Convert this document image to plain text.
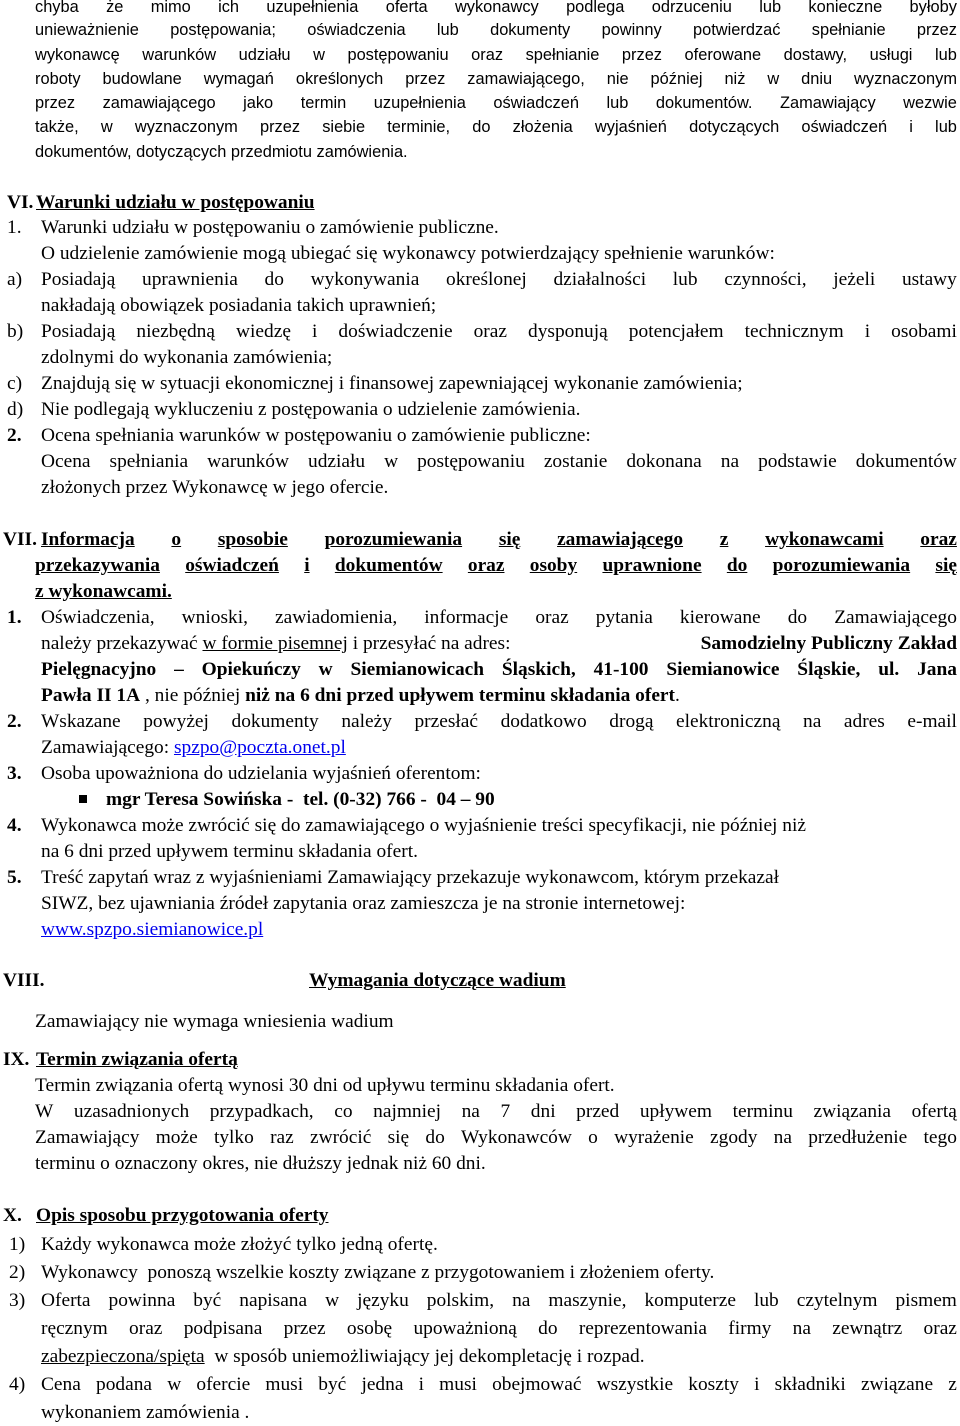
chyba że mimo ich uzupełnienia oferta wykonawcy podlega odrzuceniu lub konieczne byłoby
unieważnienie postępowania; oświadczenia lub dokumenty powinny potwierdzać spełnianie przez
wykonawcę warunków udziału w postępowaniu oraz spełnianie przez oferowane dostawy, usługi lub
roboty budowlane wymagań określonych przez zamawiającego, nie później niż w dniu wyznaczonym
przez zamawiającego jako termin uzupełnienia oświadczeń lub dokumentów. Zamawiający wezwie
także, w wyznaczonym przez siebie terminie, do złożenia wyjaśnień dotyczących oświadczeń i lub
dokumentów, dotyczących przedmiotu zamówienia.
VI. Warunki udziału w postępowaniu
1. Warunki udziału w postępowaniu o zamówienie publiczne.
O udzielenie zamówienie mogą ubiegać się wykonawcy potwierdzający spełnienie warunków:
a) Posiadają uprawnienia do wykonywania określonej działalności lub czynności, jeżeli ustawy
nakładają obowiązek posiadania takich uprawnień;
b) Posiadają niezbędną wiedzę i doświadczenie oraz dysponują potencjałem technicznym i osobami
zdolnymi do wykonania zamówienia;
c) Znajdują się w sytuacji ekonomicznej i finansowej zapewniającej wykonanie zamówienia;
d) Nie podlegają wykluczeniu z postępowania o udzielenie zamówienia.
2. Ocena spełniania warunków w postępowaniu o zamówienie publiczne:
Ocena spełniania warunków udziału w postępowaniu zostanie dokonana na podstawie dokumentów
złożonych przez Wykonawcę w jego ofercie.
VII. Informacja o sposobie porozumiewania się zamawiającego z wykonawcami oraz
przekazywania oświadczeń i dokumentów oraz osoby uprawnione do porozumiewania się
z wykonawcami.
1. Oświadczenia, wnioski, zawiadomienia, informacje oraz pytania kierowane do Zamawiającego
należy przekazywać w formie pisemnej i przesyłać na adres:	Samodzielny Publiczny Zakład
Pielęgnacyjno – Opiekuńczy w Siemianowicach Śląskich, 41-100 Siemianowice Śląskie, ul. Jana
Pawła II 1A , nie później niż na 6 dni przed upływem terminu składania ofert.
2. Wskazane powyżej dokumenty należy przesłać dodatkowo drogą elektroniczną na adres e-mail
Zamawiającego: spzpo@poczta.onet.pl
3. Osoba upoważniona do udzielania wyjaśnień oferentom:
mgr Teresa Sowińska -  tel. (0-32) 766 -  04 – 90
4. Wykonawca może zwrócić się do zamawiającego o wyjaśnienie treści specyfikacji, nie później niż
na 6 dni przed upływem terminu składania ofert.
5. Treść zapytań wraz z wyjaśnieniami Zamawiający przekazuje wykonawcom, którym przekazał
SIWZ, bez ujawniania źródeł zapytania oraz zamieszcza je na stronie internetowej:
www.spzpo.siemianowice.pl
VIII.	Wymagania dotyczące wadium
Zamawiający nie wymaga wniesienia wadium
IX. Termin związania ofertą
Termin związania ofertą wynosi 30 dni od upływu terminu składania ofert.
W uzasadnionych przypadkach, co najmniej na 7 dni przed upływem terminu związania ofertą
Zamawiający może tylko raz zwrócić się do Wykonawców o wyrażenie zgody na przedłużenie tego
terminu o oznaczony okres, nie dłuższy jednak niż 60 dni.
X. Opis sposobu przygotowania oferty
1) Każdy wykonawca może złożyć tylko jedną ofertę.
2) Wykonawcy  ponoszą wszelkie koszty związane z przygotowaniem i złożeniem oferty.
3) Oferta powinna być napisana w języku polskim, na maszynie, komputerze lub czytelnym pismem
ręcznym oraz podpisana przez osobę upoważnioną do reprezentowania firmy na zewnątrz oraz
zabezpieczona/spięta  w sposób uniemożliwiający jej dekompletację i rozpad.
4) Cena podana w ofercie musi być jedna i musi obejmować wszystkie koszty i składniki związane z
wykonaniem zamówienia .
